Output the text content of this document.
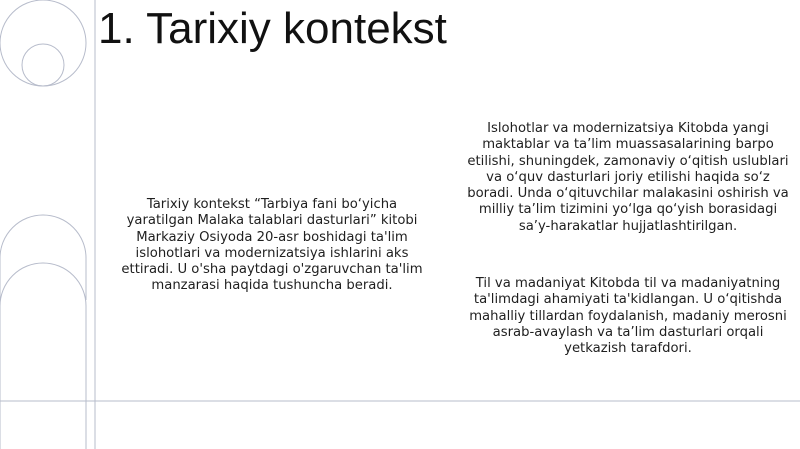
1. Tarixiy kontekst

Tarixiy kontekst “Tarbiya fani bo‘yicha yaratilgan Malaka talablari dasturlari” kitobi Markaziy Osiyoda 20-asr boshidagi ta'lim islohotlari va modernizatsiya ishlarini aks ettiradi. U o'sha paytdagi o'zgaruvchan ta'lim manzarasi haqida tushuncha beradi.

Islohotlar va modernizatsiya Kitobda yangi maktablar va ta’lim muassasalarining barpo etilishi, shuningdek, zamonaviy o‘qitish uslublari va o‘quv dasturlari joriy etilishi haqida so‘z boradi. Unda o‘qituvchilar malakasini oshirish va milliy ta’lim tizimini yo‘lga qo‘yish borasidagi sa’y-harakatlar hujjatlashtirilgan.

Til va madaniyat Kitobda til va madaniyatning ta'limdagi ahamiyati ta'kidlangan. U o‘qitishda mahalliy tillardan foydalanish, madaniy merosni asrab-avaylash va ta’lim dasturlari orqali yetkazish tarafdori.
